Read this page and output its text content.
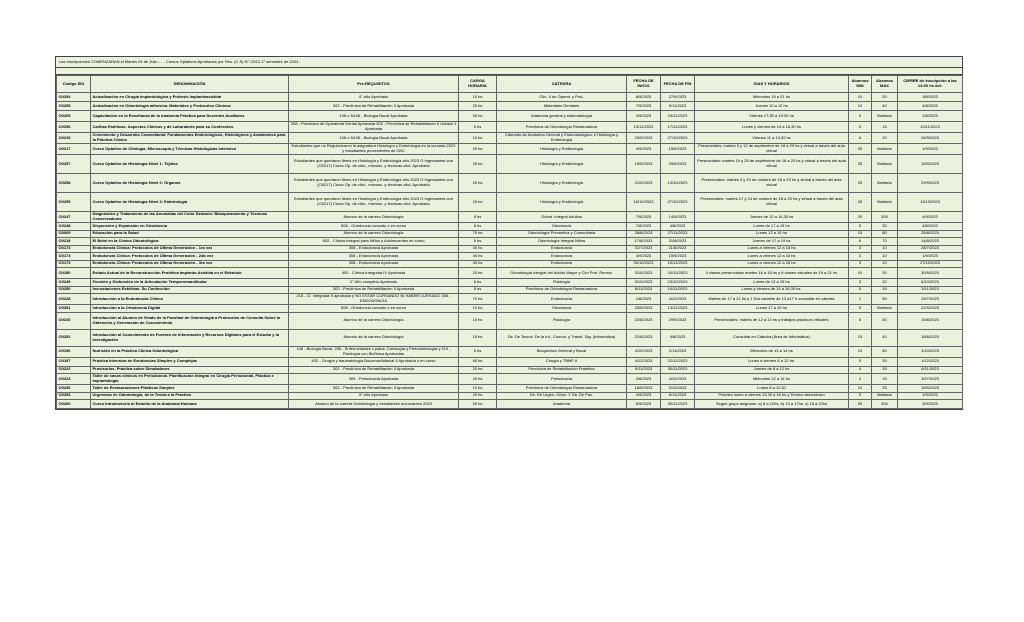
Las Inscripciones COMENZARAN el Martes 04 de Julio - - - Cursos Optativos Aprobados por Res. (C.S) N° /2021 2° semestre de 2023 -
Codigo SIU	DENOMINACIÓN	Pre-REQUISITOS	CARGA HORARIA	CÁTEDRA	FECHA DE INICIO	FECHA DE FIN	DIAS Y HORARIOS	Alumnos MIN	Alumnos MAX	CIERRE de inscripción a las 14:00 hs del:
O0254	Actualización en Cirugía Implantológica y Prótesis Implantoasistida	4° año Aprobado	10 hs	Clín. II de Operat. y Prot.	6/9/2023	27/9/2023	Miércoles 19 a 21 hs	10	20	3/8/2023
O0255	Actualización en Odontología adhesiva. Materiales y Protocolos Clínicos	302 - Preclínica de Rehabilitación II Aprobada	20 hs	Materiales Dentales	7/9/2023	9/11/2023	Jueves 10 a 12 hs	10	40	4/8/2023
O0205	Capacitación en la Enseñanza de la Anatomía Práctica para Docentes Auxiliares	106 o N106 - Biología Bucal Aprobada	30 hs	Anatomía general y estomatología	4/9/2023	24/11/2023	Viernes 17:30 a 19:30 hs	3	ilimitado	1/8/2023
O0256	Carillas Estéticas. Aspectos Clínicos y de Laboratorio para su Confección.	208 - Preclínica de Operatoria Dental Aprobada 302 - Preclínica de Rehabilitación II Unidad 1 Aprobada	5 hs	Preclínica de Odontología Restauradora	13/11/2023	17/11/2023	Lunes y viernes de 14 a 16,30 hs	5	15	10/11/2023
O0215	Crecimiento y Desarrollo Craneofacial: Fundamentos Embriológicos, Histológicos y Anatómicos para la Práctica Clínica	106 o N106 - Biología Bucal Aprobada	10 hs	Cátedras de Anatomía General y Estomatológica; e Histología y Embriología	29/9/2023	27/10/2023	Viernes 11 a 13,00 hs	6	20	26/9/2023
O0217	Curso Optativo de Citología, Microscopía y Técnicas Histológicas Intensivo	Estudiantes que no Regularizaron la asignatura Histología y Embriología en la cursada 2023 y estudiantes provenientes de CBC	20 hs	Histología y Embriología	4/9/2023	15/9/2023	Presenciales: martes 5 y 12 de septiembre de 18 a 20 hs y virtual a través del aula virtual	25	ilimitado	1/9/2023
O0257	Curso Optativo de Histología Nivel 1: Tejidos	Estudiantes que quedaron libres en Histología y Embriología año 2023 O Ingresantes con (O0217) Curso Op. de citol., microsc. y técnicas citol. Aprobado	20 hs	Histología y Embriología	19/9/2023	29/9/2023	Presenciales: martes 19 y 26 de septiembre de 18 a 20 hs y virtual a través del aula virtual	25	ilimitado	15/9/2023
O0258	Curso Optativo de Histología Nivel 2: Órganos	Estudiantes que quedaron libres en Histología y Embriología año 2023 O Ingresantes con (O0217) Curso Op. de citol., microsc. y técnicas citol. Aprobado	20 hs	Histología y Embriología	2/10/2023	13/10/2023	Presenciales: martes 3 y 10 de octubre de 18 a 20 hs y virtual a través del aula virtual	25	ilimitado	29/9/2023
O0259	Curso Optativo de Histología Nivel 3: Embriología	Estudiantes que quedaron libres en Histología y Embriología año 2023 O Ingresantes con (O0217) Curso Op. de citol., microsc. y técnicas citol. Aprobado	20 hs	Histología y Embriología	16/10/2023	27/10/2023	Presenciales: martes 17 y 24 de octubre de 18 a 20 hs y virtual a través del aula virtual	25	ilimitado	13/10/2023
O0247	Diagnóstico y Tratamiento de las Anomalías del Color Dentario: Blanqueamiento y Técnicas Conservadoras	Alumno de la carrera Odontología	5 hs	Odont. Integral Adultos	7/9/2023	14/9/2023	Jueves de 12 a 14,30 hs	20	200	4/9/2023
O0248	Disyunción y Expansión en Ortodoncia	506 - Ortodoncia cursado o en curso	8 hs	Ortodoncia	7/8/2023	4/8/2023	Lunes de 17 a 19 hs	5	30	4/8/2023
O0009	Educación para la Salud	Alumno de la carrera Odontología	70 hs	Odontología Preventiva y Comunitaria	28/8/2023	27/11/2023	Lunes 13 a 15 hs	15	80	25/8/2023
O0218	El Bebé en la Clínica Odontológica	502 - Clínica Integral para Niños y Adolescentes en curso	5 hs	Odontología Integral Niños	17/8/2023	31/8/2023	Jueves de 17 a 19 hs	6	70	14/8/2023
O0173	Endodoncia Clínica: Protocolos de Última Generación - 1ra vez	308 - Endodoncia Aprobada	40 hs	Endodoncia	31/7/2023	11/8/2023	Lunes a viernes 12 a 16 hs	3	10	28/7/2023
O0173	Endodoncia Clínica: Protocolos de Última Generación - 2da vez	308 - Endodoncia Aprobada	40 hs	Endodoncia	4/9/2023	15/9/2023	Lunes a viernes 12 a 16 hs	3	10	1/9/2023
O0173	Endodoncia Clínica: Protocolos de Última Generación - 3ra vez	308 - Endodoncia Aprobada	40 hs	Endodoncia	30/10/2023	10/11/2023	Lunes a viernes 12 a 16 hs	3	10	27/10/2023
O0180	Estado Actual de la Reconstrucción Protética Implanto Asistida en el Edéntulo	403 - Clínica Integrada IV Aprobada	20 hs	Odontología Integral del Adulto Mayor y Clín Prot. Remov.	3/10/2023	24/10/2023	4 clases presenciales martes 16 a 18 hs y 6 clases virtuales de 19 a 21 hs	10	30	30/9/2023
O0249	Función y Disfunción de la Articulación Temporomandibular	2° Año completo Aprobado	6 hs	Fisiología	9/10/2023	23/10/2023	Lunes de 13 a 15 hs	3	20	6/10/2023
O0250	Incrustaciones Estéticas. Su Confección	302 - Preclínica de Rehabilitación II Aprobada	5 hs	Preclínica de Odontología Restauradora	6/11/2023	10/11/2023	Lunes y viernes de 14 a 16,30 hs.	5	15	3/11/2023
O0228	Introducción a la Endodoncia Clínica	218 - Cl. Integrada II aprobada y NO ESTAR CURSANDO NI HABER CURSADO 308 - ENDODONCIA	70 hs	Endodoncia	1/8/2023	4/12/2023	Martes de 17 a 21 hs y 1 Día variable de 13 a17 h consultar en cátedra	1	50	29/7/2023
O0251	Introducción a la Ortodoncia Digital	506 - Ortodoncia cursado o en curso	10 hs	Ortodoncia	25/9/2023	13/11/2023	Lunes 17 a 19 hs	5	ilimitado	22/9/2023
O0220	Introducción al Alumno de Grado de la Facultad de Odontología a Protocolos de Consulta Sobre la Obtención y Generación de Conocimiento	Alumno de la carrera Odontología	15 hs	Fisiología	22/8/2023	29/9/2023	Presenciales: martes de 12 a 13 hs y trabajos prácticos virtuales	5	50	19/8/2023
O0252	Introducción al Conocimiento de Fuentes de Información y Recursos Digitales para el Estudio y la Investigación	Alumno de la carrera Odontología	15 hs	Dir. De Tecnol. De la Inf., Comun. y Transf. Dig. (Informática)	21/8/2023	4/8/2023	Consultar en Cátedra (Área de Informática)	15	40	18/8/2023
O0196	Nutrición en la Práctica Clínica Odontológica	106 - Biología Bucal, 205 - Enfermedades x placa: Cariología y Periodontología y 219 - Fisiología con Biofísica Aprobadas	5 hs	Bioquímica General y Bucal	4/10/2023	1/11/2023	Miércoles de 13 a 14 hs	10	60	1/10/2023
O0197	Práctica Intensiva de Exodoncias Simples y Complejas	402 - Cirugía y traumatología Bucomaxilofacial II Aprobada o en curso	60 hs	Cirugía y TBMF II	4/12/2023	22/12/2023	Lunes a viernes 8 a 12 hs.	5	30	1/12/2023
O0222	Provisorios. Práctica sobre Simuladores	302 - Preclínica de Rehabilitación II Aprobada	20 hs	Preclínica de Rehabilitación Protética	9/11/2023	30/11/2023	Jueves de 8 a 12 hs	4	15	6/11/2023
O0223	Taller de casos clínicos en Periodoncia. Planificación Integral en Cirugía Periodontal, Plástica e Implantología	309 - Periodoncia Aprobada	20 hs	Periodoncia	2/8/2023	4/10/2023	Miércoles 12 a 14 hs	4	15	30/7/2023
O0230	Taller de Restauraciones Plásticas Simples	302 - Preclínica de Rehabilitación II Aprobada	10 hs	Preclínica de Odontología Restauradora	18/9/2023	2/10/2023	Lunes 8 a 11:30	10	25	15/9/2023
O0253	Urgencias en Odontología, de la Teoría a la Práctica	4° año Aprobado	20 hs	Dir. De Urgen. Odon. Y Dir. De Pac.	4/9/2023	6/11/2023	Práctico lunes a viernes 13,30 a 16 hs y Teórico asincrónico	5	ilimitado	1/9/2023
O0260	Curso Introductorio al Estudio de la Anatomía Humana	Alumno de la carrera Odontología y estudiantes recursantes 2023	50 hs	Anatomía	6/9/2023	30/11/2023	Según grupo asignado: a) 8 a 12hs, b) 13 a 17hs, c) 18 a 22hs	50	300	3/9/2023
